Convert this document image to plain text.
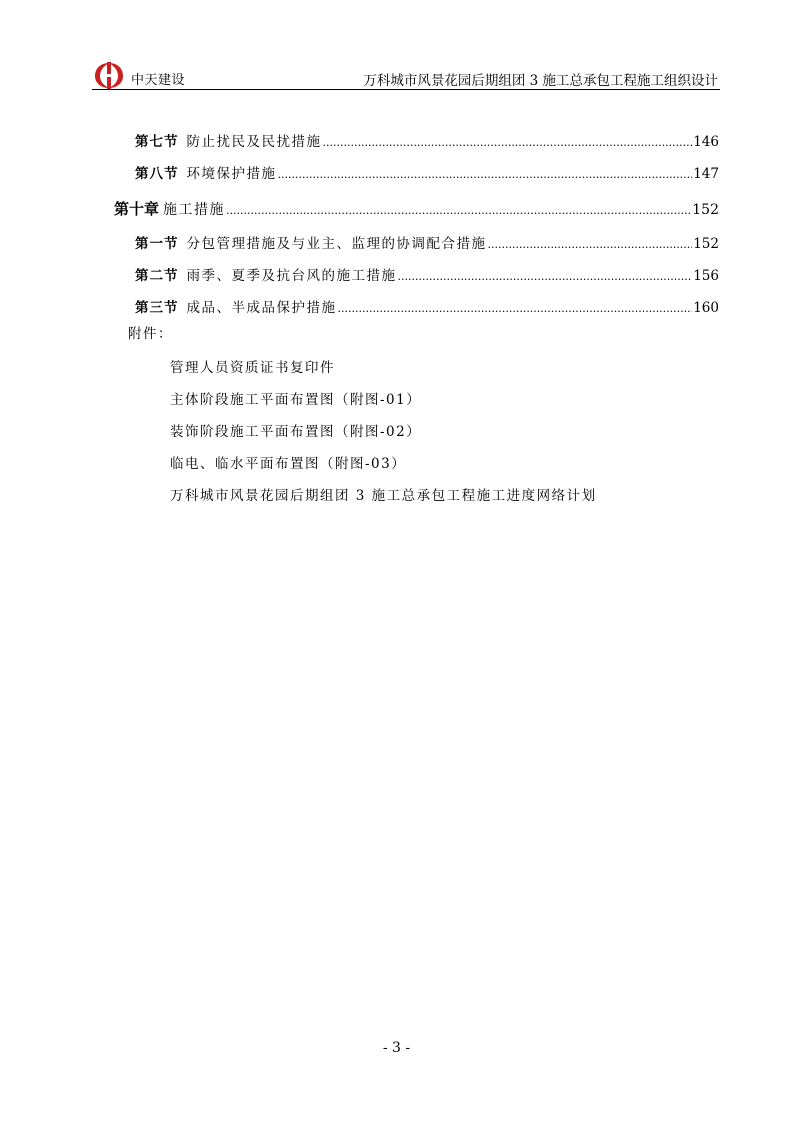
中天建设	万科城市风景花园后期组团 3 施工总承包工程施工组织设计
第七节 防止扰民及民扰措施 .....	146
第八节 环境保护措施 .....	147
第十章 施工措施 .....	152
第一节 分包管理措施及与业主、监理的协调配合措施 .....	152
第二节 雨季、夏季及抗台风的施工措施 .....	156
第三节 成品、半成品保护措施 .....	160
附件：
管理人员资质证书复印件
主体阶段施工平面布置图（附图-01）
装饰阶段施工平面布置图（附图-02）
临电、临水平面布置图（附图-03）
万科城市风景花园后期组团 3 施工总承包工程施工进度网络计划
- 3 -
